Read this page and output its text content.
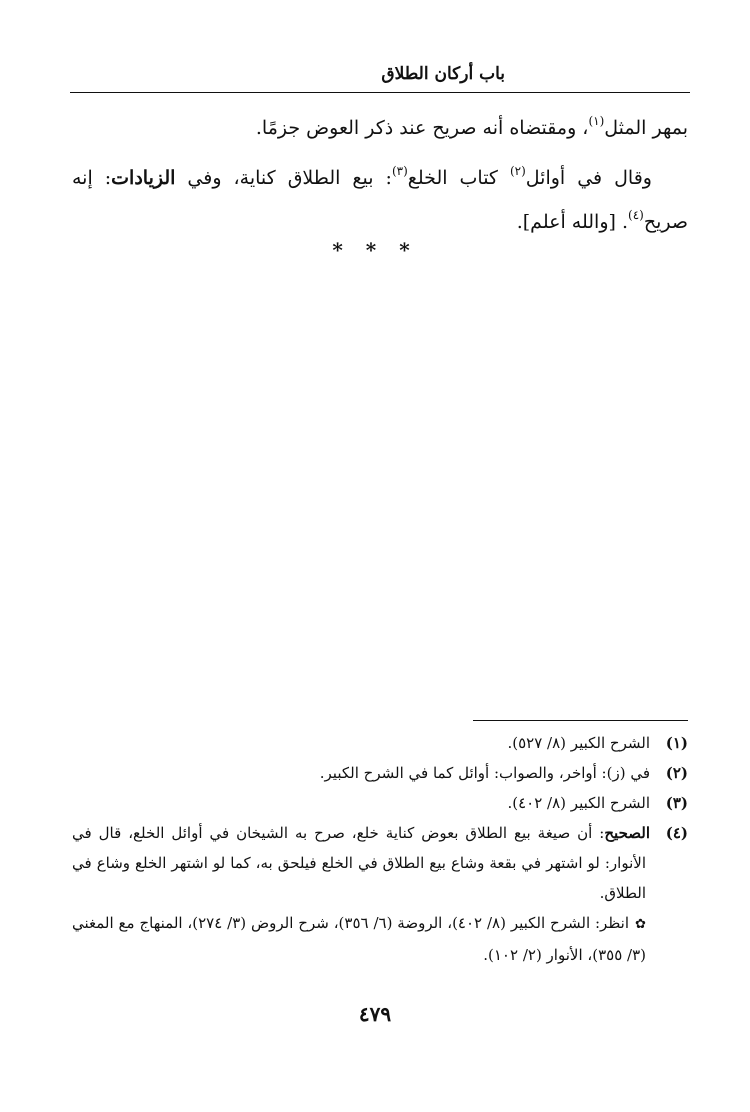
باب أركان الطلاق

بمهر المثل$^{(١)}$، ومقتضاه أنه صريح عند ذكر العوض جزمًا.

وقال في أوائل$^{(٢)}$ كتاب الخلع$^{(٣)}$: بيع الطلاق كناية، وفي الزيادات: إنه صريح$^{(٤)}$. [والله أعلم].

* * *

(١)الشرح الكبير (٨/ ٥٢٧).

(٢)في (ز): أواخر، والصواب: أوائل كما في الشرح الكبير.

(٣)الشرح الكبير (٨/ ٤٠٢).

(٤)الصحيح: أن صيغة بيع الطلاق بعوض كناية خلع، صرح به الشيخان في أوائل الخلع، قال في الأنوار: لو اشتهر في بقعة وشاع بيع الطلاق في الخلع فيلحق به، كما لو اشتهر الخلع وشاع في الطلاق.

✿انظر: الشرح الكبير (٨/ ٤٠٢)، الروضة (٦/ ٣٥٦)، شرح الروض (٣/ ٢٧٤)، المنهاج مع المغني (٣/ ٣٥٥)، الأنوار (٢/ ١٠٢).

٤٧٩
